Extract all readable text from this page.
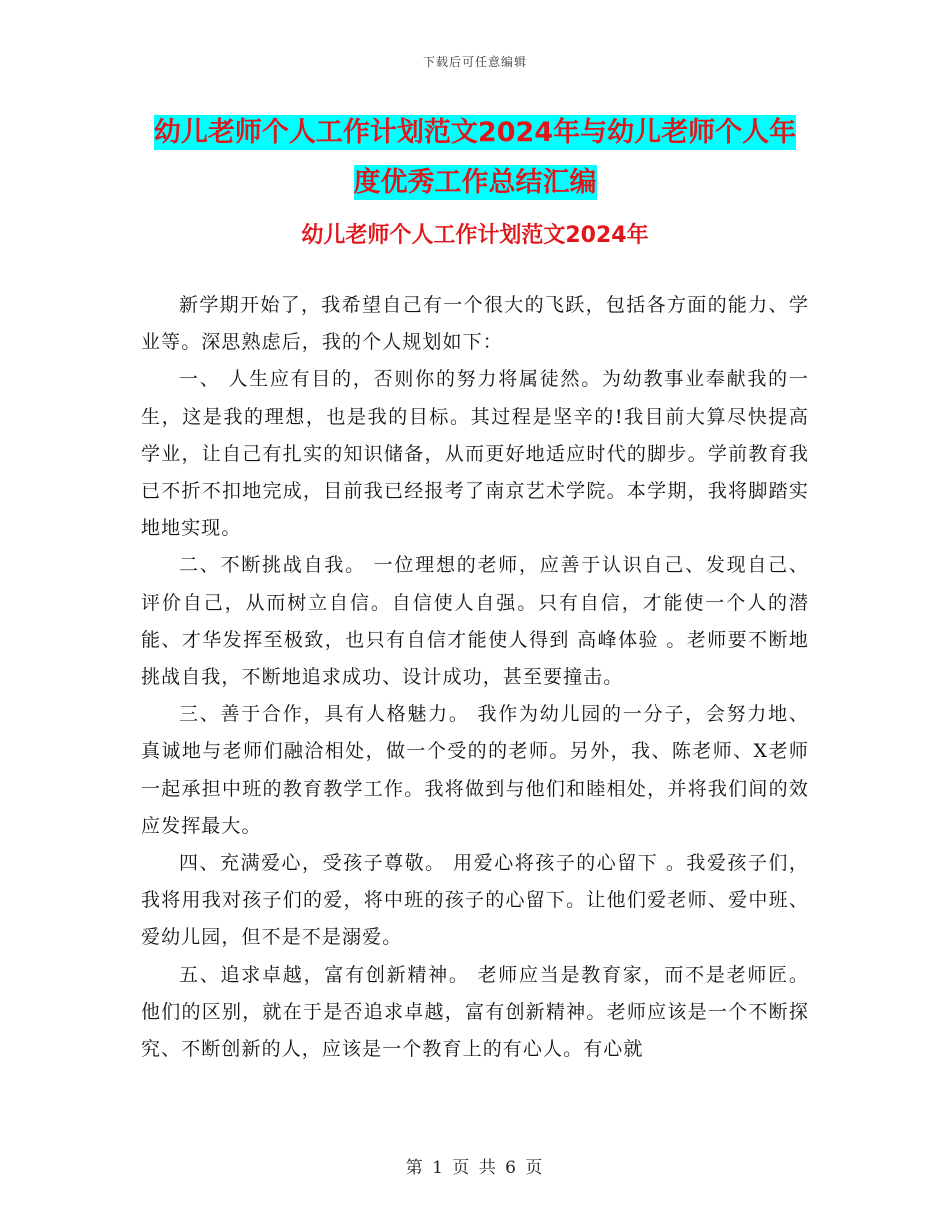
下载后可任意编辑
幼儿老师个人工作计划范文2024年与幼儿老师个人年
度优秀工作总结汇编
幼儿老师个人工作计划范文2024年

新学期开始了，我希望自己有一个很大的飞跃，包括各方面的能力、学业等。深思熟虑后，我的个人规划如下：

一、 人生应有目的，否则你的努力将属徒然。为幼教事业奉献我的一生，这是我的理想，也是我的目标。其过程是坚辛的!我目前大算尽快提高学业，让自己有扎实的知识储备，从而更好地适应时代的脚步。学前教育我已不折不扣地完成，目前我已经报考了南京艺术学院。本学期，我将脚踏实地地实现。

二、不断挑战自我。 一位理想的老师，应善于认识自己、发现自己、评价自己，从而树立自信。自信使人自强。只有自信，才能使一个人的潜能、才华发挥至极致，也只有自信才能使人得到 高峰体验 。老师要不断地挑战自我，不断地追求成功、设计成功，甚至要撞击。

三、善于合作，具有人格魅力。 我作为幼儿园的一分子，会努力地、真诚地与老师们融洽相处，做一个受的的老师。另外，我、陈老师、X老师一起承担中班的教育教学工作。我将做到与他们和睦相处，并将我们间的效应发挥最大。

四、充满爱心，受孩子尊敬。 用爱心将孩子的心留下 。我爱孩子们，我将用我对孩子们的爱，将中班的孩子的心留下。让他们爱老师、爱中班、爱幼儿园，但不是不是溺爱。

五、追求卓越，富有创新精神。 老师应当是教育家，而不是老师匠。他们的区别，就在于是否追求卓越，富有创新精神。老师应该是一个不断探究、不断创新的人，应该是一个教育上的有心人。有心就

第 1 页 共 6 页
